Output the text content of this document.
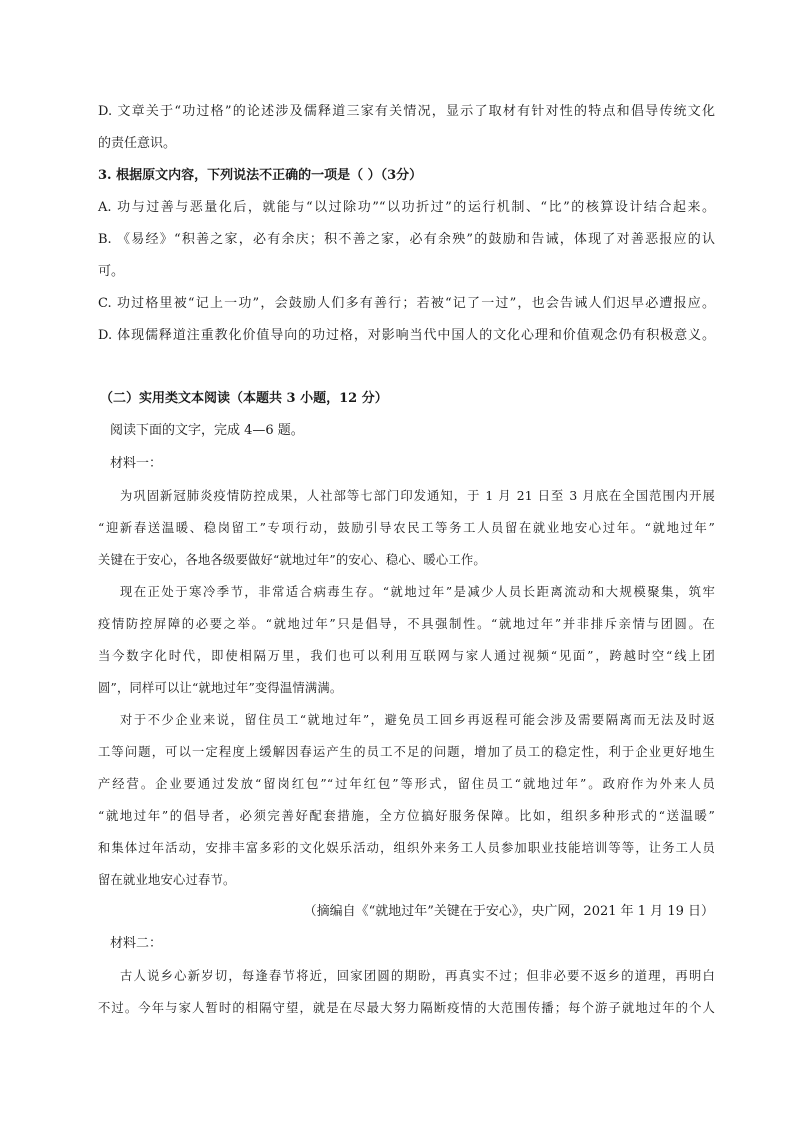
D. 文章关于“功过格”的论述涉及儒释道三家有关情况，显示了取材有针对性的特点和倡导传统文化

的责任意识。

3. 根据原文内容，下列说法不正确的一项是（ ）（3分）

A. 功与过善与恶量化后，就能与“以过除功”“以功折过”的运行机制、“比”的核算设计结合起来。

B. 《易经》“积善之家，必有余庆；积不善之家，必有余殃”的鼓励和告诫，体现了对善恶报应的认

可。

C. 功过格里被“记上一功”，会鼓励人们多有善行；若被“记了一过”，也会告诫人们迟早必遭报应。

D. 体现儒释道注重教化价值导向的功过格，对影响当代中国人的文化心理和价值观念仍有积极意义。

（二）实用类文本阅读（本题共 3 小题，12 分）

阅读下面的文字，完成 4—6 题。

材料一：

为巩固新冠肺炎疫情防控成果，人社部等七部门印发通知，于 1 月 21 日至 3 月底在全国范围内开展

“迎新春送温暖、稳岗留工”专项行动，鼓励引导农民工等务工人员留在就业地安心过年。“就地过年”

关键在于安心，各地各级要做好“就地过年”的安心、稳心、暖心工作。

现在正处于寒冷季节，非常适合病毒生存。“就地过年”是减少人员长距离流动和大规模聚集，筑牢

疫情防控屏障的必要之举。“就地过年”只是倡导，不具强制性。“就地过年”并非排斥亲情与团圆。在

当今数字化时代，即使相隔万里，我们也可以利用互联网与家人通过视频“见面”，跨越时空“线上团

圆”，同样可以让“就地过年”变得温情满满。

对于不少企业来说，留住员工“就地过年”，避免员工回乡再返程可能会涉及需要隔离而无法及时返

工等问题，可以一定程度上缓解因春运产生的员工不足的问题，增加了员工的稳定性，利于企业更好地生

产经营。企业要通过发放“留岗红包”“过年红包”等形式，留住员工“就地过年”。政府作为外来人员

“就地过年”的倡导者，必须完善好配套措施，全方位搞好服务保障。比如，组织多种形式的“送温暖”

和集体过年活动，安排丰富多彩的文化娱乐活动，组织外来务工人员参加职业技能培训等等，让务工人员

留在就业地安心过春节。

（摘编自《“就地过年”关键在于安心》，央广网，2021 年 1 月 19 日）

材料二：

古人说乡心新岁切，每逢春节将近，回家团圆的期盼，再真实不过；但非必要不返乡的道理，再明白

不过。今年与家人暂时的相隔守望，就是在尽最大努力隔断疫情的大范围传播；每个游子就地过年的个人
